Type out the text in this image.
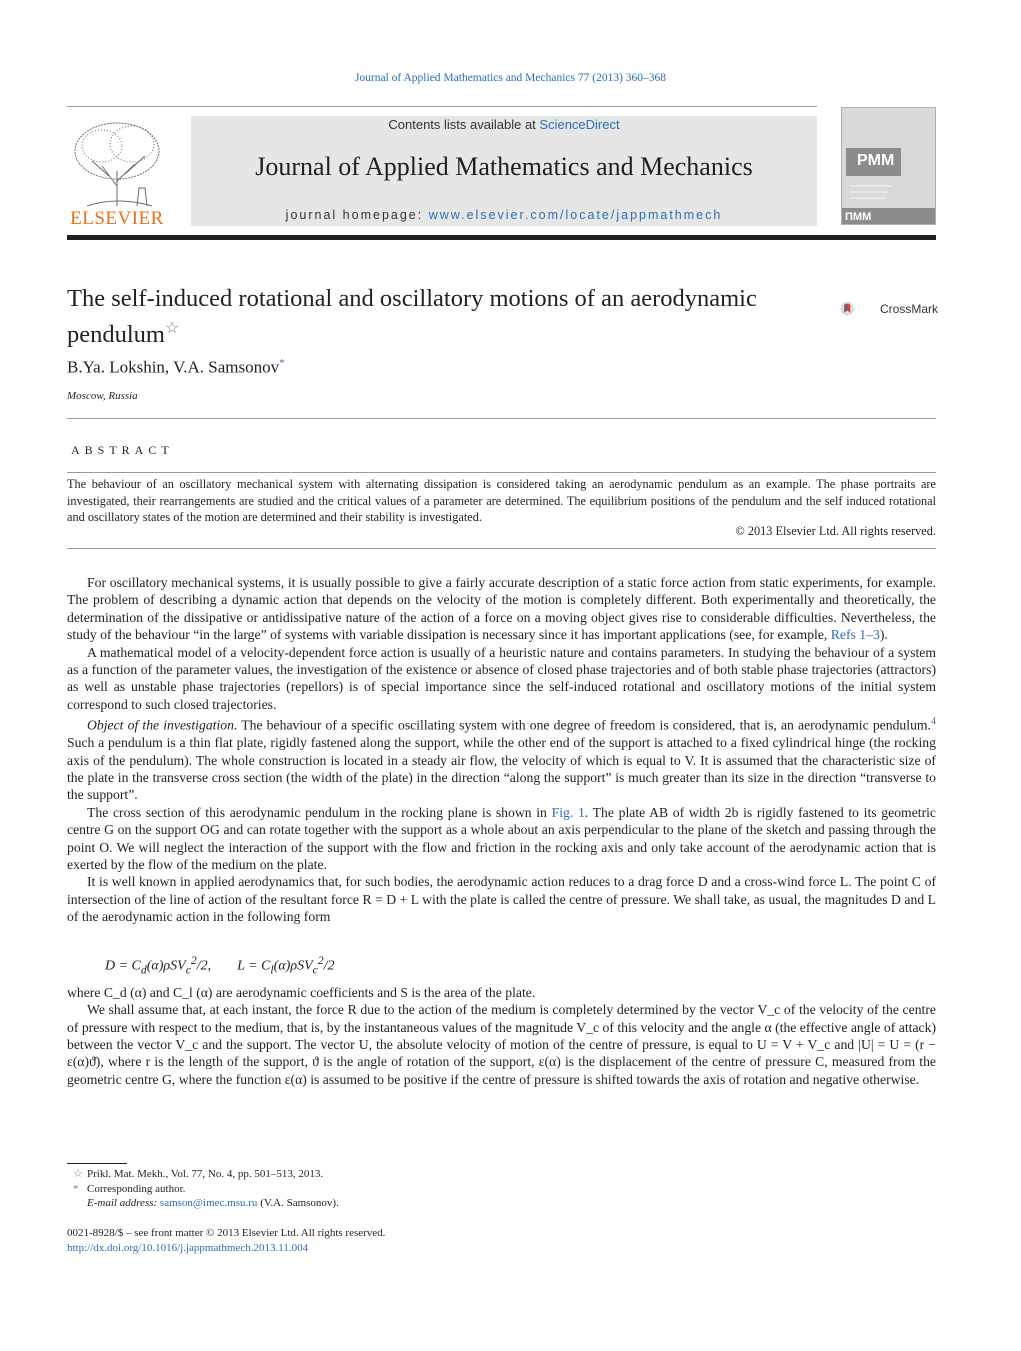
Journal of Applied Mathematics and Mechanics 77 (2013) 360–368
ELSEVIER
Contents lists available at ScienceDirect
Journal of Applied Mathematics and Mechanics
journal homepage: www.elsevier.com/locate/jappmathmech
PMM
ПММ
The self-induced rotational and oscillatory motions of an aerodynamic pendulum☆
CrossMark
B.Ya. Lokshin, V.A. Samsonov*
Moscow, Russia
ABSTRACT
The behaviour of an oscillatory mechanical system with alternating dissipation is considered taking an aerodynamic pendulum as an example. The phase portraits are investigated, their rearrangements are studied and the critical values of a parameter are determined. The equilibrium positions of the pendulum and the self induced rotational and oscillatory states of the motion are determined and their stability is investigated.
© 2013 Elsevier Ltd. All rights reserved.

For oscillatory mechanical systems, it is usually possible to give a fairly accurate description of a static force action from static experiments, for example. The problem of describing a dynamic action that depends on the velocity of the motion is completely different. Both experimentally and theoretically, the determination of the dissipative or antidissipative nature of the action of a force on a moving object gives rise to considerable difficulties. Nevertheless, the study of the behaviour “in the large” of systems with variable dissipation is necessary since it has important applications (see, for example, Refs 1–3).

A mathematical model of a velocity-dependent force action is usually of a heuristic nature and contains parameters. In studying the behaviour of a system as a function of the parameter values, the investigation of the existence or absence of closed phase trajectories and of both stable phase trajectories (attractors) as well as unstable phase trajectories (repellors) is of special importance since the self-induced rotational and oscillatory motions of the initial system correspond to such closed trajectories.

Object of the investigation. The behaviour of a specific oscillating system with one degree of freedom is considered, that is, an aerodynamic pendulum.$^4$ Such a pendulum is a thin flat plate, rigidly fastened along the support, while the other end of the support is attached to a fixed cylindrical hinge (the rocking axis of the pendulum). The whole construction is located in a steady air flow, the velocity of which is equal to V. It is assumed that the characteristic size of the plate in the transverse cross section (the width of the plate) in the direction “along the support” is much greater than its size in the direction “transverse to the support”.

The cross section of this aerodynamic pendulum in the rocking plane is shown in Fig. 1. The plate AB of width 2b is rigidly fastened to its geometric centre G on the support OG and can rotate together with the support as a whole about an axis perpendicular to the plane of the sketch and passing through the point O. We will neglect the interaction of the support with the flow and friction in the rocking axis and only take account of the aerodynamic action that is exerted by the flow of the medium on the plate.

It is well known in applied aerodynamics that, for such bodies, the aerodynamic action reduces to a drag force D and a cross-wind force L. The point C of intersection of the line of action of the resultant force R = D + L with the plate is called the centre of pressure. We shall take, as usual, the magnitudes D and L of the aerodynamic action in the following form

$D = C_d(\alpha)\rho SV_c^2/2$, $L = C_l(\alpha)\rho SV_c^2/2$

where C_d (α) and C_l (α) are aerodynamic coefficients and S is the area of the plate.

We shall assume that, at each instant, the force R due to the action of the medium is completely determined by the vector V_c of the velocity of the centre of pressure with respect to the medium, that is, by the instantaneous values of the magnitude V_c of this velocity and the angle α (the effective angle of attack) between the vector V_c and the support. The vector U, the absolute velocity of motion of the centre of pressure, is equal to U = V + V_c and |U| = U = (r − ε(α)ϑ̇), where r is the length of the support, ϑ is the angle of rotation of the support, ε(α) is the displacement of the centre of pressure C, measured from the geometric centre G, where the function ε(α) is assumed to be positive if the centre of pressure is shifted towards the axis of rotation and negative otherwise.

☆ Prikl. Mat. Mekh., Vol. 77, No. 4, pp. 501–513, 2013.
* Corresponding author.
E-mail address: samson@imec.msu.ru (V.A. Samsonov).
0021-8928/$ – see front matter © 2013 Elsevier Ltd. All rights reserved.
http://dx.doi.org/10.1016/j.jappmathmech.2013.11.004
